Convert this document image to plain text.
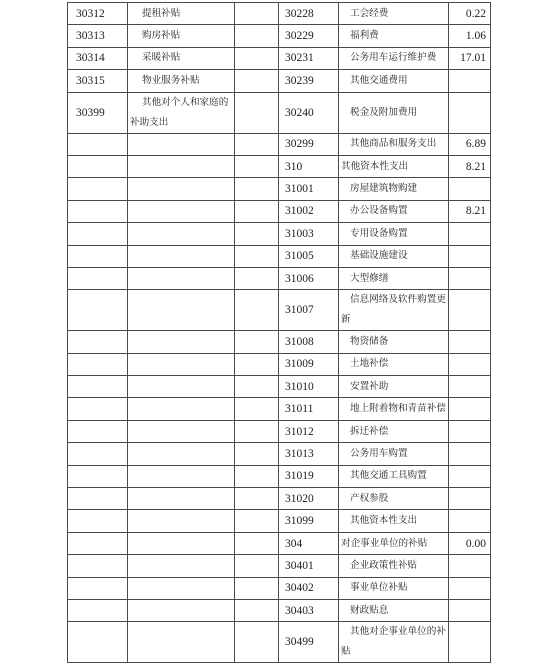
30312	提租补贴		30228	工会经费	0.22
30313	购房补贴		30229	福利费	1.06
30314	采暖补贴		30231	公务用车运行维护费	17.01
30315	物业服务补贴		30239	其他交通费用	
30399	其他对个人和家庭的补助支出		30240	税金及附加费用	
			30299	其他商品和服务支出	6.89
			310	其他资本性支出	8.21
			31001	房屋建筑物购建	
			31002	办公设备购置	8.21
			31003	专用设备购置	
			31005	基础设施建设	
			31006	大型修缮	
			31007	信息网络及软件购置更新	
			31008	物资储备	
			31009	土地补偿	
			31010	安置补助	
			31011	地上附着物和青苗补偿	
			31012	拆迁补偿	
			31013	公务用车购置	
			31019	其他交通工具购置	
			31020	产权参股	
			31099	其他资本性支出	
			304	对企事业单位的补贴	0.00
			30401	企业政策性补贴	
			30402	事业单位补贴	
			30403	财政贴息	
			30499	其他对企事业单位的补贴	
